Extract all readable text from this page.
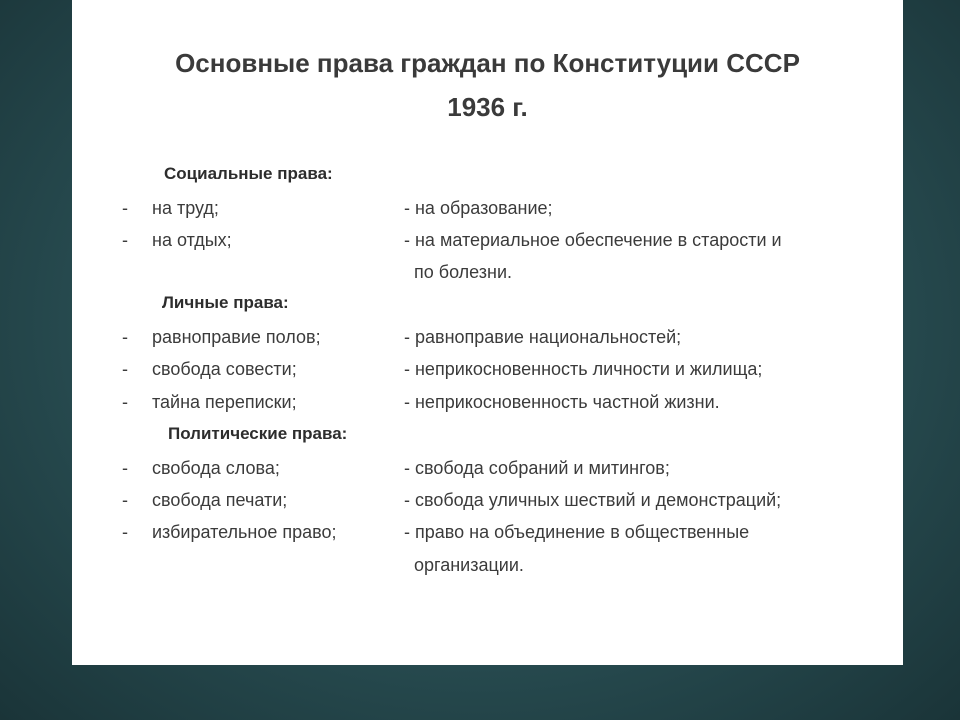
Основные права граждан по Конституции СССР
1936 г.
Социальные права:
- на труд;	- на образование;
- на отдых;	- на материальное обеспечение в старости и
по болезни.
Личные права:
- равноправие полов;	- равноправие национальностей;
- свобода совести;	- неприкосновенность личности и жилища;
- тайна переписки;	- неприкосновенность частной жизни.
Политические права:
- свобода слова;	- свобода собраний и митингов;
- свобода печати;	- свобода уличных шествий и демонстраций;
- избирательное право;	- право на объединение в общественные
организации.
